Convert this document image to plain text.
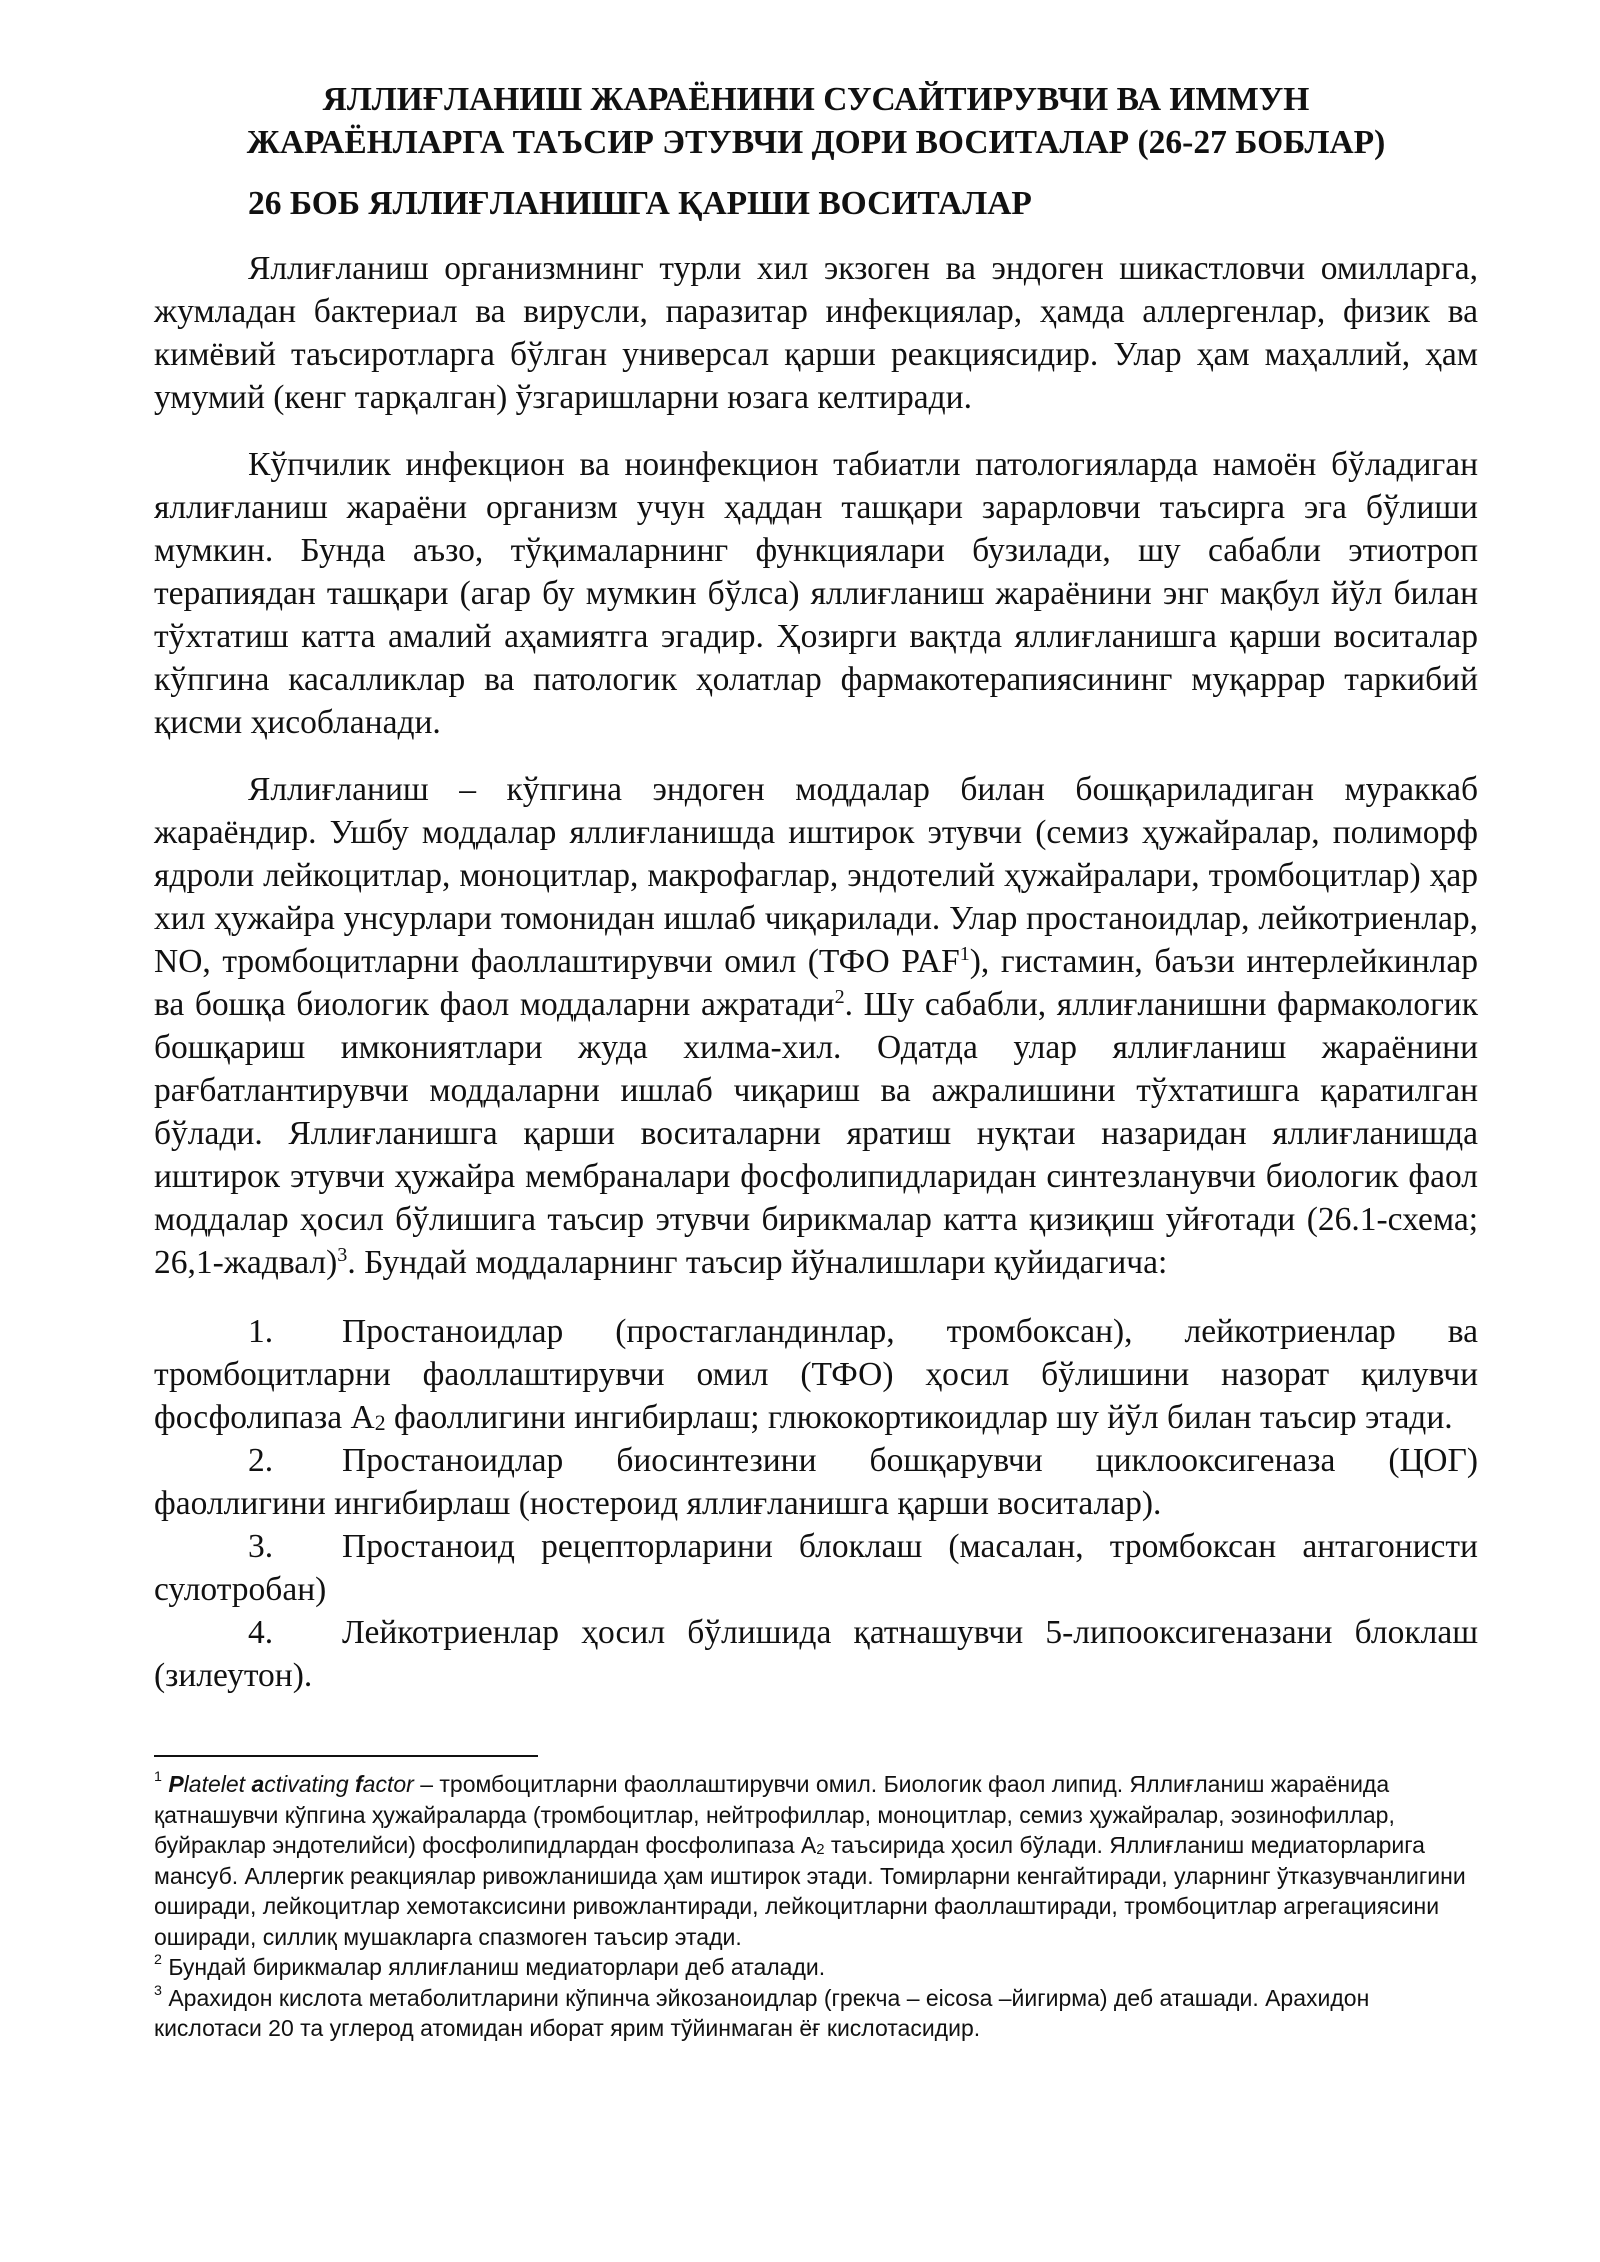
ЯЛЛИҒЛАНИШ ЖАРАЁНИНИ СУСАЙТИРУВЧИ ВА ИММУН
ЖАРАЁНЛАРГА ТАЪСИР ЭТУВЧИ ДОРИ ВОСИТАЛАР (26-27 БОБЛАР)
26 БОБ ЯЛЛИҒЛАНИШГА ҚАРШИ ВОСИТАЛАР

Яллиғланиш организмнинг турли хил экзоген ва эндоген шикастловчи омилларга, жумладан бактериал ва вирусли, паразитар инфекциялар, ҳамда аллергенлар, физик ва кимёвий таъсиротларга бўлган универсал қарши реакциясидир. Улар ҳам маҳаллий, ҳам умумий (кенг тарқалган) ўзгаришларни юзага келтиради.

Кўпчилик инфекцион ва ноинфекцион табиатли патологияларда намоён бўладиган яллиғланиш жараёни организм учун ҳаддан ташқари зарарловчи таъсирга эга бўлиши мумкин. Бунда аъзо, тўқималарнинг функциялари бузилади, шу сабабли этиотроп терапиядан ташқари (агар бу мумкин бўлса) яллиғланиш жараёнини энг мақбул йўл билан тўхтатиш катта амалий аҳамиятга эгадир. Ҳозирги вақтда яллиғланишга қарши воситалар кўпгина касалликлар ва патологик ҳолатлар фармакотерапиясининг муқаррар таркибий қисми ҳисобланади.

Яллиғланиш – кўпгина эндоген моддалар билан бошқариладиган мураккаб жараёндир. Ушбу моддалар яллиғланишда иштирок этувчи (семиз ҳужайралар, полиморф ядроли лейкоцитлар, моноцитлар, макрофаглар, эндотелий ҳужайралари, тромбоцитлар) ҳар хил ҳужайра унсурлари томонидан ишлаб чиқарилади. Улар простаноидлар, лейкотриенлар, NO, тромбоцитларни фаоллаштирувчи омил (ТФО PAF$^1$), гистамин, баъзи интерлейкинлар ва бошқа биологик фаол моддаларни ажратади$^2$. Шу сабабли, яллиғланишни фармакологик бошқариш имкониятлари жуда хилма-хил. Одатда улар яллиғланиш жараёнини рағбатлантирувчи моддаларни ишлаб чиқариш ва ажралишини тўхтатишга қаратилган бўлади. Яллиғланишга қарши воситаларни яратиш нуқтаи назаридан яллиғланишда иштирок этувчи ҳужайра мембраналари фосфолипидларидан синтезланувчи биологик фаол моддалар ҳосил бўлишига таъсир этувчи бирикмалар катта қизиқиш уйғотади (26.1-схема; 26,1-жадвал)$^3$. Бундай моддаларнинг таъсир йўналишлари қуйидагича:

1. Простаноидлар (простагландинлар, тромбоксан), лейкотриенлар ва тромбоцитларни фаоллаштирувчи омил (ТФО) ҳосил бўлишини назорат қилувчи фосфолипаза $А_2$ фаоллигини ингибирлаш; глюкокортикоидлар шу йўл билан таъсир этади.

2. Простаноидлар биосинтезини бошқарувчи циклооксигеназа (ЦОГ) фаоллигини ингибирлаш (ностероид яллиғланишга қарши воситалар).

3. Простаноид рецепторларини блоклаш (масалан, тромбоксан антагонисти сулотробан)

4. Лейкотриенлар ҳосил бўлишида қатнашувчи 5-липооксигеназани блоклаш (зилеутон).

$^1$ Platelet activating factor – тромбоцитларни фаоллаштирувчи омил. Биологик фаол липид. Яллиғланиш жараёнида қатнашувчи кўпгина ҳужайраларда (тромбоцитлар, нейтрофиллар, моноцитлар, семиз ҳужайралар, эозинофиллар, буйраклар эндотелийси) фосфолипидлардан фосфолипаза $А_2$ таъсирида ҳосил бўлади. Яллиғланиш медиаторларига мансуб. Аллергик реакциялар ривожланишида ҳам иштирок этади. Томирларни кенгайтиради, уларнинг ўтказувчанлигини оширади, лейкоцитлар хемотаксисини ривожлантиради, лейкоцитларни фаоллаштиради, тромбоцитлар агрегациясини оширади, силлиқ мушакларга спазмоген таъсир этади.

$^2$ Бундай бирикмалар яллиғланиш медиаторлари деб аталади.

$^3$ Арахидон кислота метаболитларини кўпинча эйкозаноидлар (грекча – eicosa –йигирма) деб аташади. Арахидон кислотаси 20 та углерод атомидан иборат ярим тўйинмаган ёғ кислотасидир.
